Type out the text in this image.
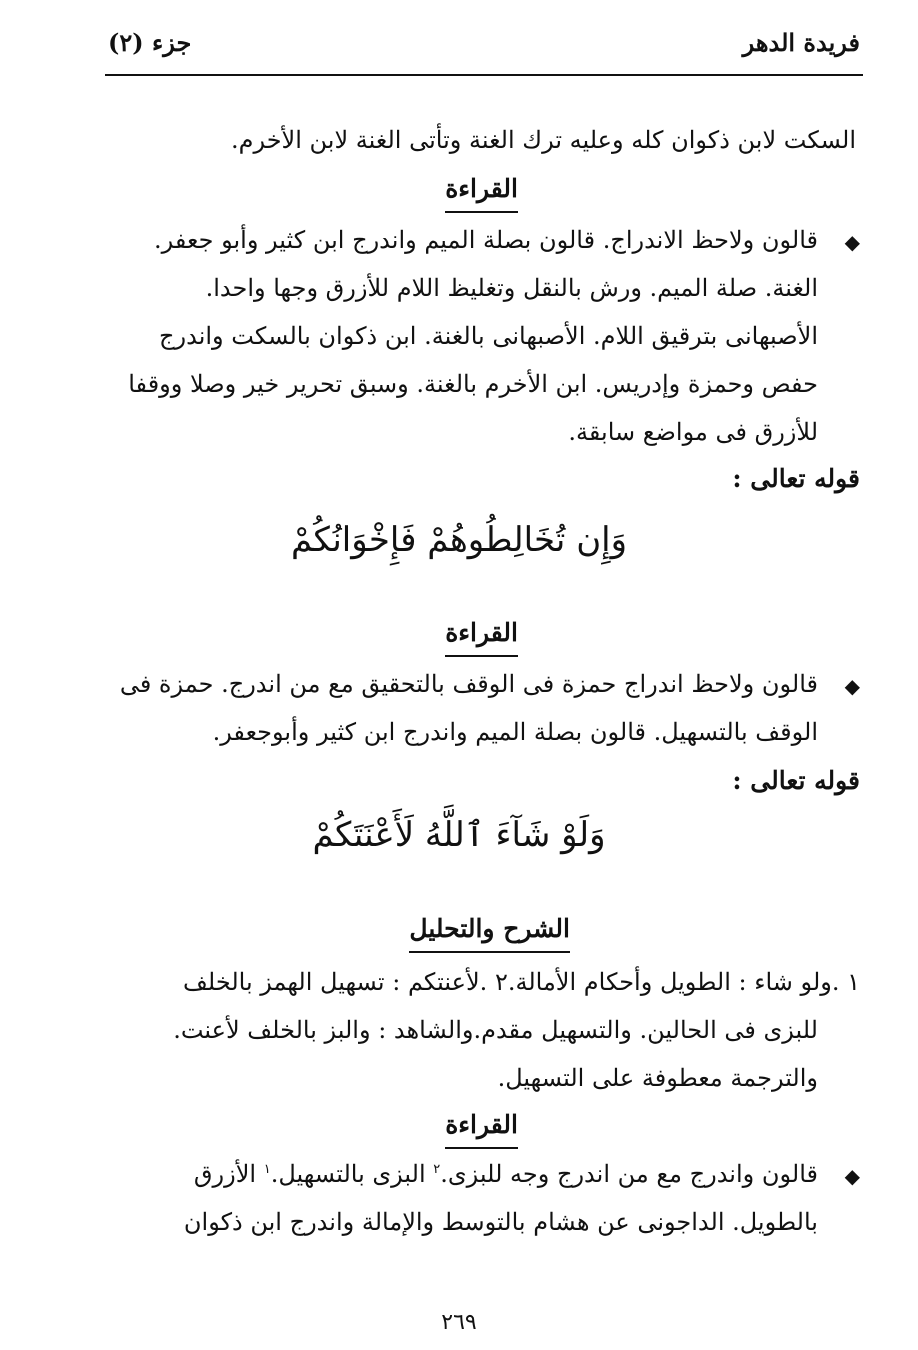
فريدة الدهر
جزء (٢)
السكت لابن ذكوان كله وعليه ترك الغنة وتأتى الغنة لابن الأخرم.
القراءة
◆
قالون ولاحظ الاندراج. قالون بصلة الميم واندرج ابن كثير وأبو جعفر.
الغنة. صلة الميم. ورش بالنقل وتغليظ اللام للأزرق وجها واحدا.
الأصبهانى بترقيق اللام. الأصبهانى بالغنة. ابن ذكوان بالسكت واندرج
حفص وحمزة وإدريس. ابن الأخرم بالغنة. وسبق تحرير خير وصلا ووقفا
للأزرق فى مواضع سابقة.
قوله تعالى :
وَإِن تُخَالِطُوهُمْ فَإِخْوَانُكُمْ
القراءة
◆
قالون ولاحظ اندراج حمزة فى الوقف بالتحقيق مع من اندرج. حمزة فى
الوقف بالتسهيل. قالون بصلة الميم واندرج ابن كثير وأبوجعفر.
قوله تعالى :
وَلَوْ شَآءَ ٱللَّهُ لَأَعْنَتَكُمْ
الشرح والتحليل
١ .ولو شاء : الطويل وأحكام الأمالة.٢ .لأعنتكم : تسهيل الهمز بالخلف
للبزى فى الحالين. والتسهيل مقدم.والشاهد : والبز بالخلف لأعنت.
والترجمة معطوفة على التسهيل.
القراءة
◆
قالون واندرج مع من اندرج وجه للبزى.$^٢$ البزى بالتسهيل.$^١$ الأزرق
بالطويل. الداجونى عن هشام بالتوسط والإمالة واندرج ابن ذكوان
٢٦٩
